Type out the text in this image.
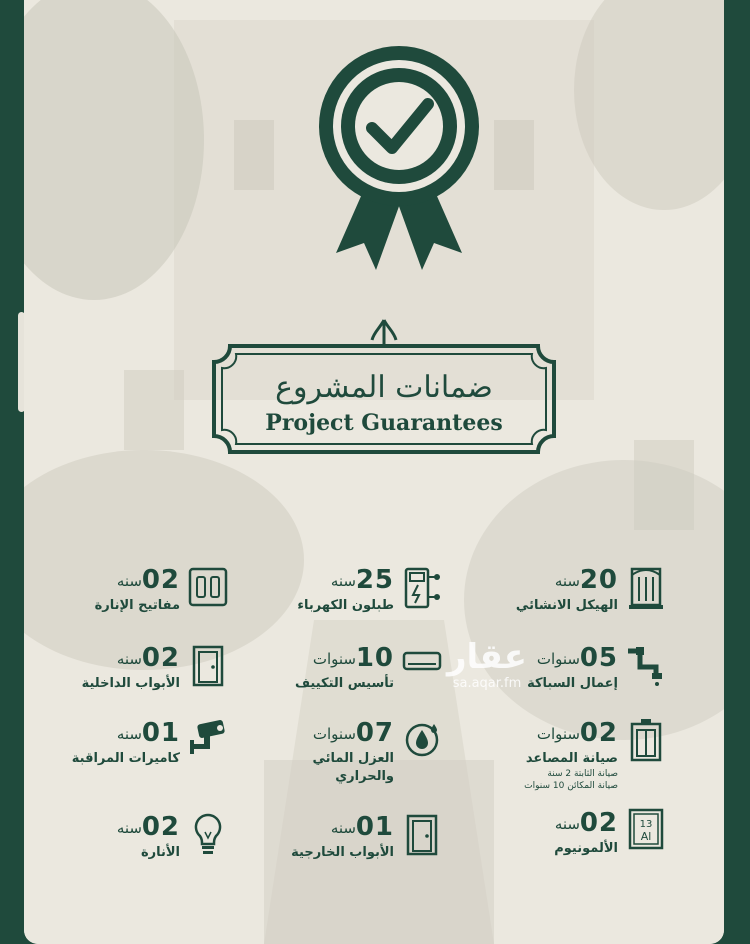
ضمانات المشروع
Project Guarantees
20
سنه
الهيكل الانشائي
25
سنه
طبلون الكهرباء
02
سنه
مفاتيح الإنارة
05
سنوات
إعمال السباكة
10
سنوات
تأسيس التكييف
02
سنه
الأبواب الداخلية
02
سنوات
صيانة المصاعد
صيانة الثابتة 2 سنة
صيانة المكائن 10 سنوات
07
سنوات
العزل المائي
والحراري
01
سنه
كاميرات المراقبة
13
Al
02
سنه
الألمونيوم
01
سنه
الأبواب الخارجية
02
سنه
الأنارة
عقار
sa.aqar.fm
